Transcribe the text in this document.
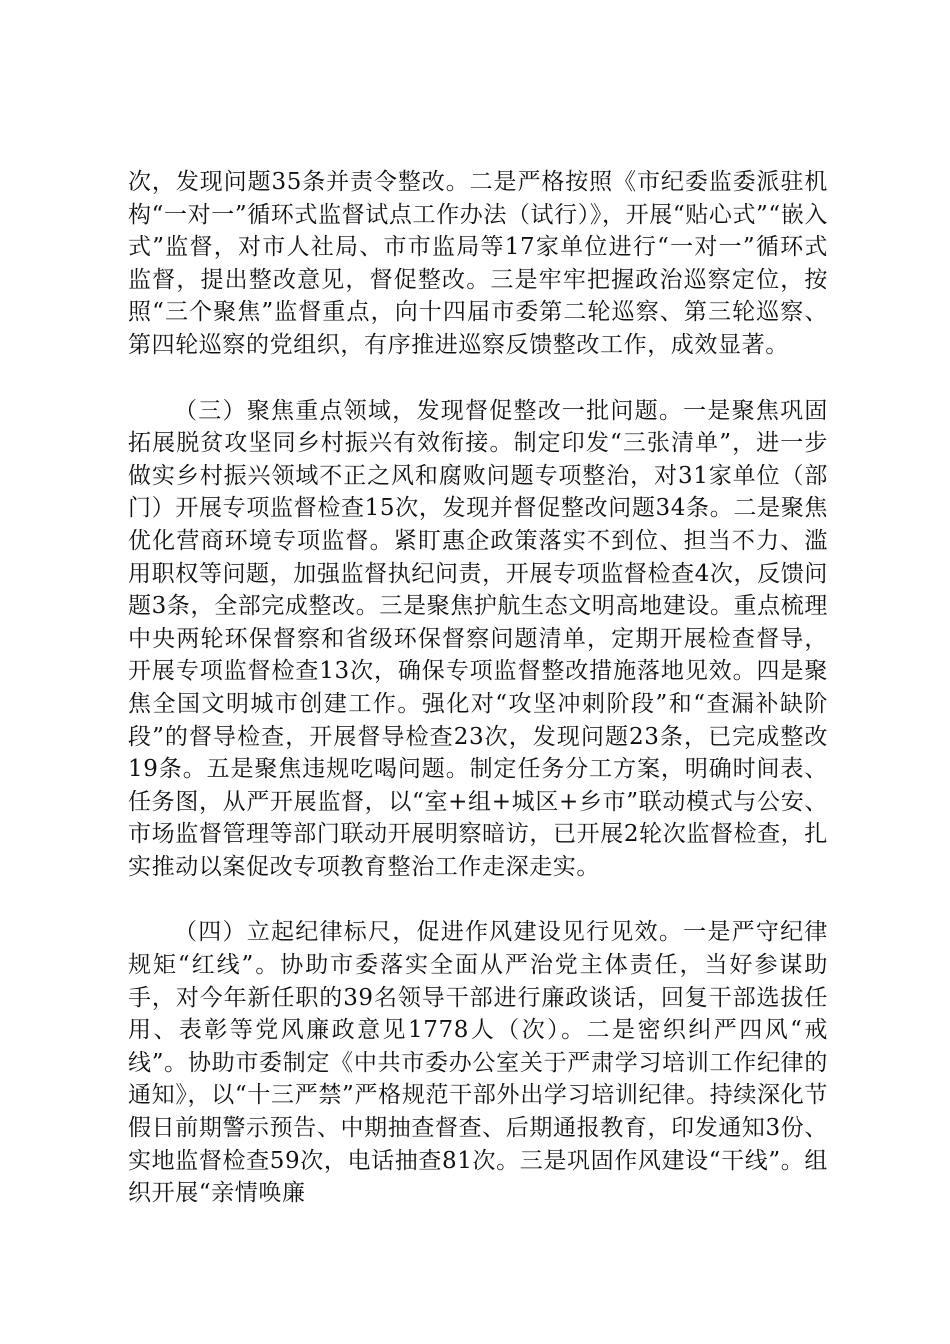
次，发现问题35条并责令整改。二是严格按照《市纪委监委派驻机构“一对一”循环式监督试点工作办法（试行）》，开展“贴心式”“嵌入式”监督，对市人社局、市市监局等17家单位进行“一对一”循环式监督，提出整改意见，督促整改。三是牢牢把握政治巡察定位，按照“三个聚焦”监督重点，向十四届市委第二轮巡察、第三轮巡察、第四轮巡察的党组织，有序推进巡察反馈整改工作，成效显著。

（三）聚焦重点领域，发现督促整改一批问题。一是聚焦巩固拓展脱贫攻坚同乡村振兴有效衔接。制定印发“三张清单”，进一步做实乡村振兴领域不正之风和腐败问题专项整治，对31家单位（部门）开展专项监督检查15次，发现并督促整改问题34条。二是聚焦优化营商环境专项监督。紧盯惠企政策落实不到位、担当不力、滥用职权等问题，加强监督执纪问责，开展专项监督检查4次，反馈问题3条，全部完成整改。三是聚焦护航生态文明高地建设。重点梳理中央两轮环保督察和省级环保督察问题清单，定期开展检查督导，开展专项监督检查13次，确保专项监督整改措施落地见效。四是聚焦全国文明城市创建工作。强化对“攻坚冲刺阶段”和“查漏补缺阶段”的督导检查，开展督导检查23次，发现问题23条，已完成整改19条。五是聚焦违规吃喝问题。制定任务分工方案，明确时间表、任务图，从严开展监督，以“室+组+城区+乡市”联动模式与公安、市场监督管理等部门联动开展明察暗访，已开展2轮次监督检查，扎实推动以案促改专项教育整治工作走深走实。

（四）立起纪律标尺，促进作风建设见行见效。一是严守纪律规矩“红线”。协助市委落实全面从严治党主体责任，当好参谋助手，对今年新任职的39名领导干部进行廉政谈话，回复干部选拔任用、表彰等党风廉政意见1778人（次）。二是密织纠严四风“戒线”。协助市委制定《中共市委办公室关于严肃学习培训工作纪律的通知》，以“十三严禁”严格规范干部外出学习培训纪律。持续深化节假日前期警示预告、中期抽查督查、后期通报教育，印发通知3份、实地监督检查59次，电话抽查81次。三是巩固作风建设“干线”。组织开展“亲情唤廉
